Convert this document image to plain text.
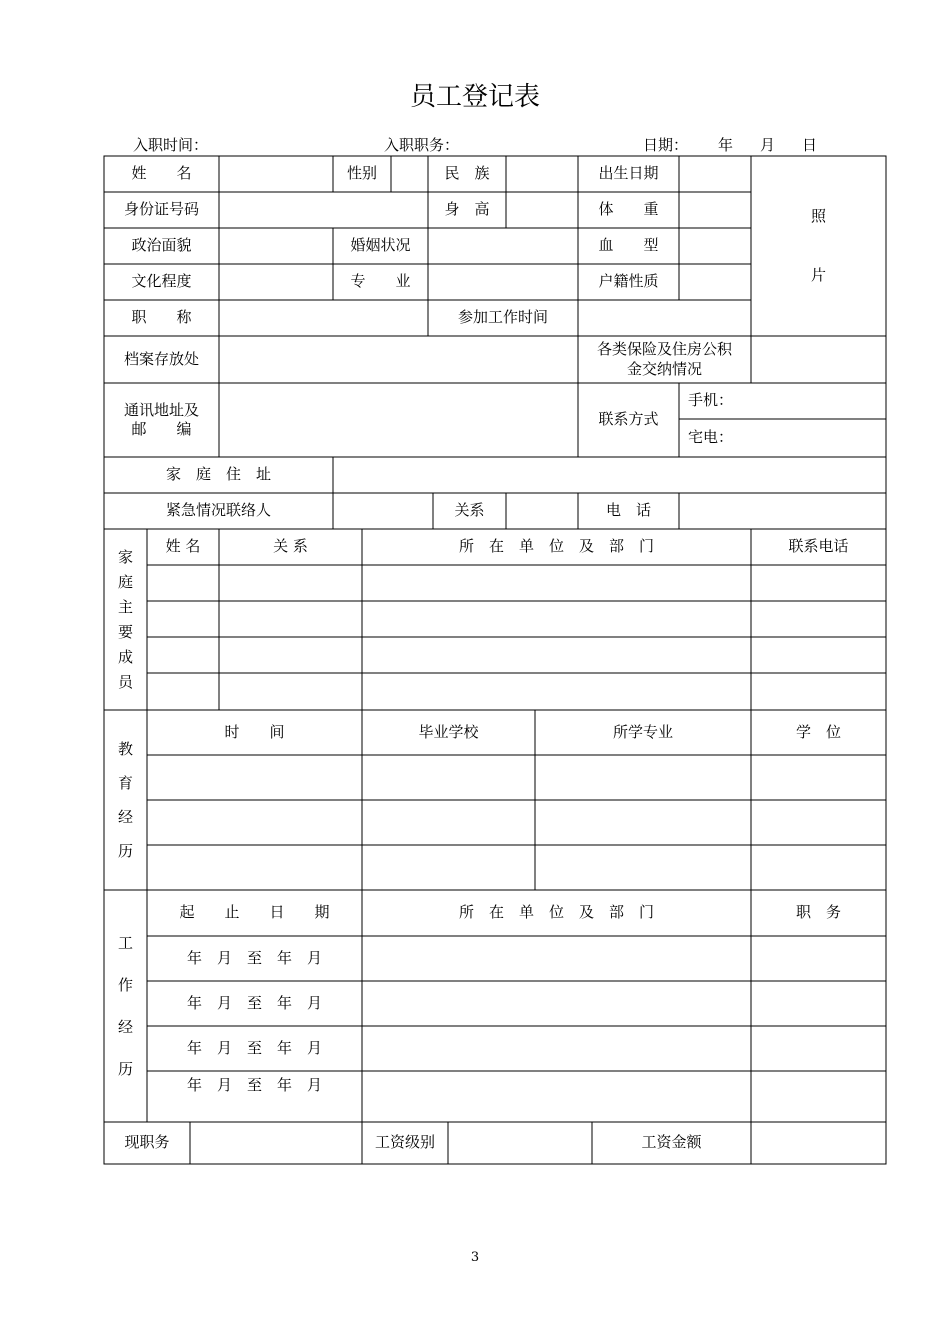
员工登记表
入职时间：	入职职务：	日期： 年 月 日
姓　　名	性别	民　族	出生日期
照

片
身份证号码	身　高	体　　重
政治面貌	婚姻状况	血　　型
文化程度	专　　业	户籍性质
职　　称	参加工作时间
档案存放处
各类保险及住房公积
金交纳情况
通讯地址及
邮　　编
联系方式
手机：
宅电：
家　庭　住　址
紧急情况联络人	关系	电　话
家
庭
主
要
成
员
姓 名	关 系	所　在　单　位　及　部　门	联系电话
教

育

经

历
时　　间	毕业学校	所学专业	学　位
工

作

经

历
起　　止　　日　　期	所　在　单　位　及　部　门	职　务
年　月　至　年　月
年　月　至　年　月
年　月　至　年　月
年　月　至　年　月
现职务	工资级别	工资金额
3
